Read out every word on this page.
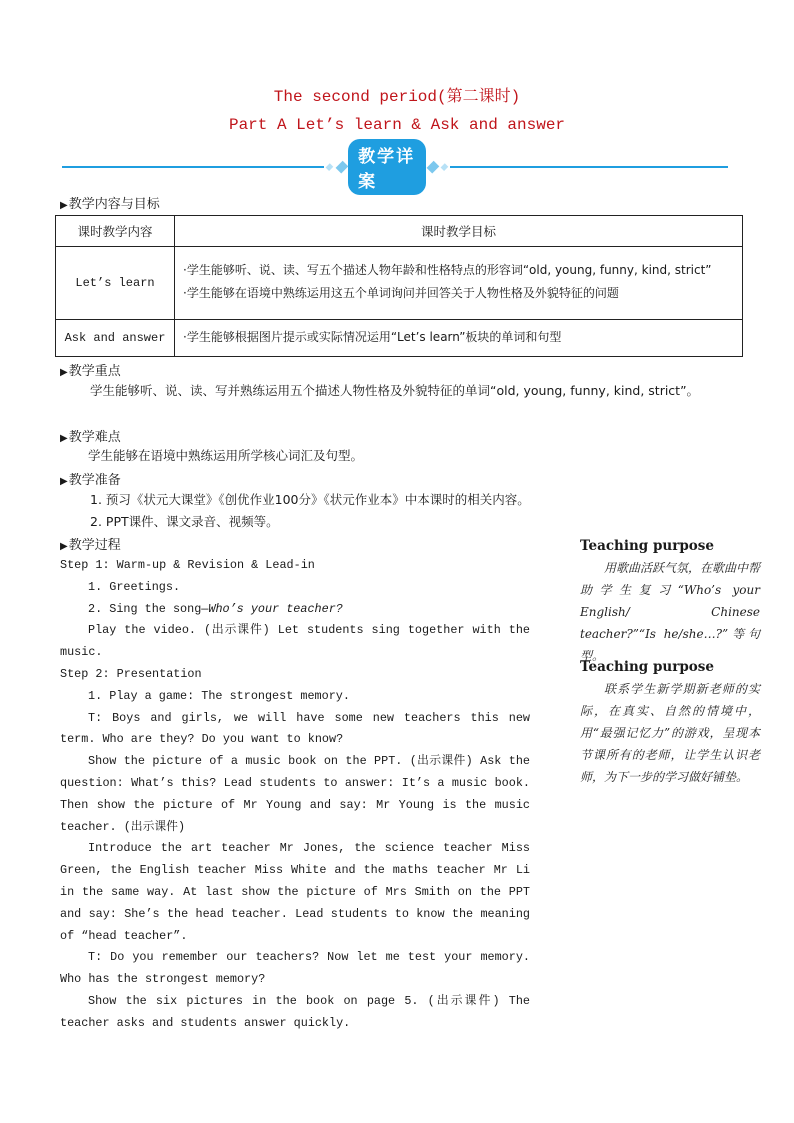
The second period(第二课时)
Part A Let’s learn & Ask and answer
教学详案
▶教学内容与目标
课时教学内容	课时教学目标
Let’s learn	·学生能够听、说、读、写五个描述人物年龄和性格特点的形容词“old, young, funny, kind, strict”
·学生能够在语境中熟练运用这五个单词询问并回答关于人物性格及外貌特征的问题

Ask and answer	·学生能够根据图片提示或实际情况运用“Let’s learn”板块的单词和句型
▶教学重点
学生能够听、说、读、写并熟练运用五个描述人物性格及外貌特征的单词“old, young, funny, kind, strict”。
▶教学难点
学生能够在语境中熟练运用所学核心词汇及句型。
▶教学准备
1. 预习《状元大课堂》《创优作业100分》《状元作业本》中本课时的相关内容。
2. PPT课件、课文录音、视频等。
▶教学过程

Step 1: Warm-up & Revision & Lead-in

1. Greetings.

2. Sing the song—Who’s your teacher?

Play the video. (出示课件) Let students sing together with the music.

Step 2: Presentation

1. Play a game: The strongest memory.

T: Boys and girls, we will have some new teachers this new term. Who are they? Do you want to know?

Show the picture of a music book on the PPT. (出示课件) Ask the question: What’s this? Lead students to answer: It’s a music book. Then show the picture of Mr Young and say: Mr Young is the music teacher. (出示课件)

Introduce the art teacher Mr Jones, the science teacher Miss Green, the English teacher Miss White and the maths teacher Mr Li in the same way. At last show the picture of Mrs Smith on the PPT and say: She’s the head teacher. Lead students to know the meaning of “head teacher”.

T: Do you remember our teachers? Now let me test your memory. Who has the strongest memory?

Show the six pictures in the book on page 5. (出示课件) The teacher asks and students answer quickly.

Teaching purpose
用歌曲活跃气氛，在歌曲中帮助学生复习“Who’s your English/ Chinese teacher?”“Is he/she…?”等句型。
Teaching purpose
联系学生新学期新老师的实际，在真实、自然的情境中，用“最强记忆力”的游戏，呈现本节课所有的老师，让学生认识老师，为下一步的学习做好铺垫。
